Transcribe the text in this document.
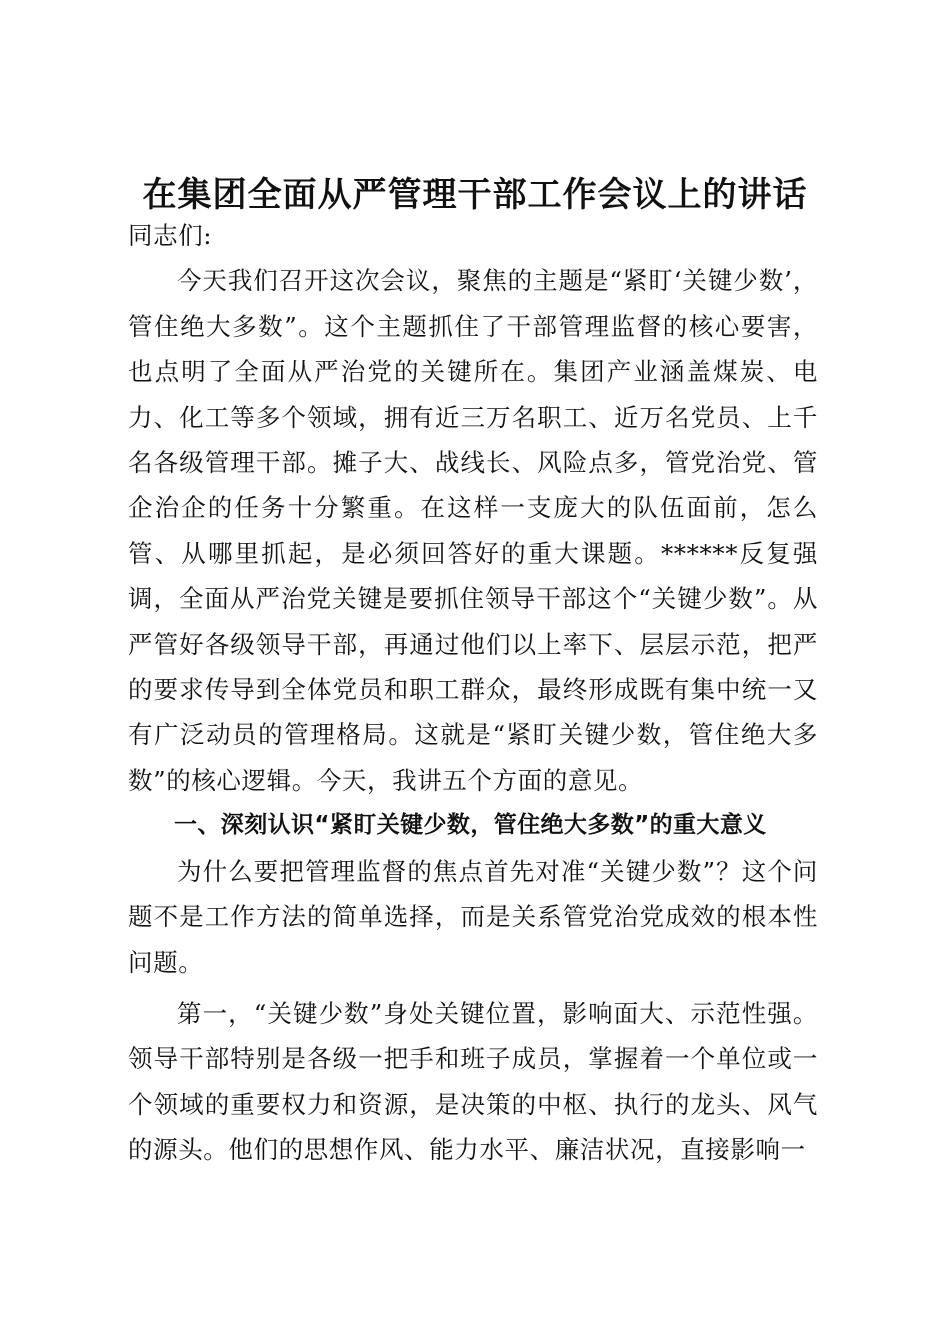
在集团全面从严管理干部工作会议上的讲话

同志们:

今天我们召开这次会议，聚焦的主题是“紧盯‘关键少数’，管住绝大多数”。这个主题抓住了干部管理监督的核心要害，也点明了全面从严治党的关键所在。集团产业涵盖煤炭、电力、化工等多个领域，拥有近三万名职工、近万名党员、上千名各级管理干部。摊子大、战线长、风险点多，管党治党、管企治企的任务十分繁重。在这样一支庞大的队伍面前，怎么管、从哪里抓起，是必须回答好的重大课题。******反复强调，全面从严治党关键是要抓住领导干部这个“关键少数”。从严管好各级领导干部，再通过他们以上率下、层层示范，把严的要求传导到全体党员和职工群众，最终形成既有集中统一又有广泛动员的管理格局。这就是“紧盯关键少数，管住绝大多数”的核心逻辑。今天，我讲五个方面的意见。

一、深刻认识“紧盯关键少数，管住绝大多数”的重大意义

为什么要把管理监督的焦点首先对准“关键少数”？这个问题不是工作方法的简单选择，而是关系管党治党成效的根本性问题。

第一，“关键少数”身处关键位置，影响面大、示范性强。领导干部特别是各级一把手和班子成员，掌握着一个单位或一个领域的重要权力和资源，是决策的中枢、执行的龙头、风气的源头。他们的思想作风、能力水平、廉洁状况，直接影响一
